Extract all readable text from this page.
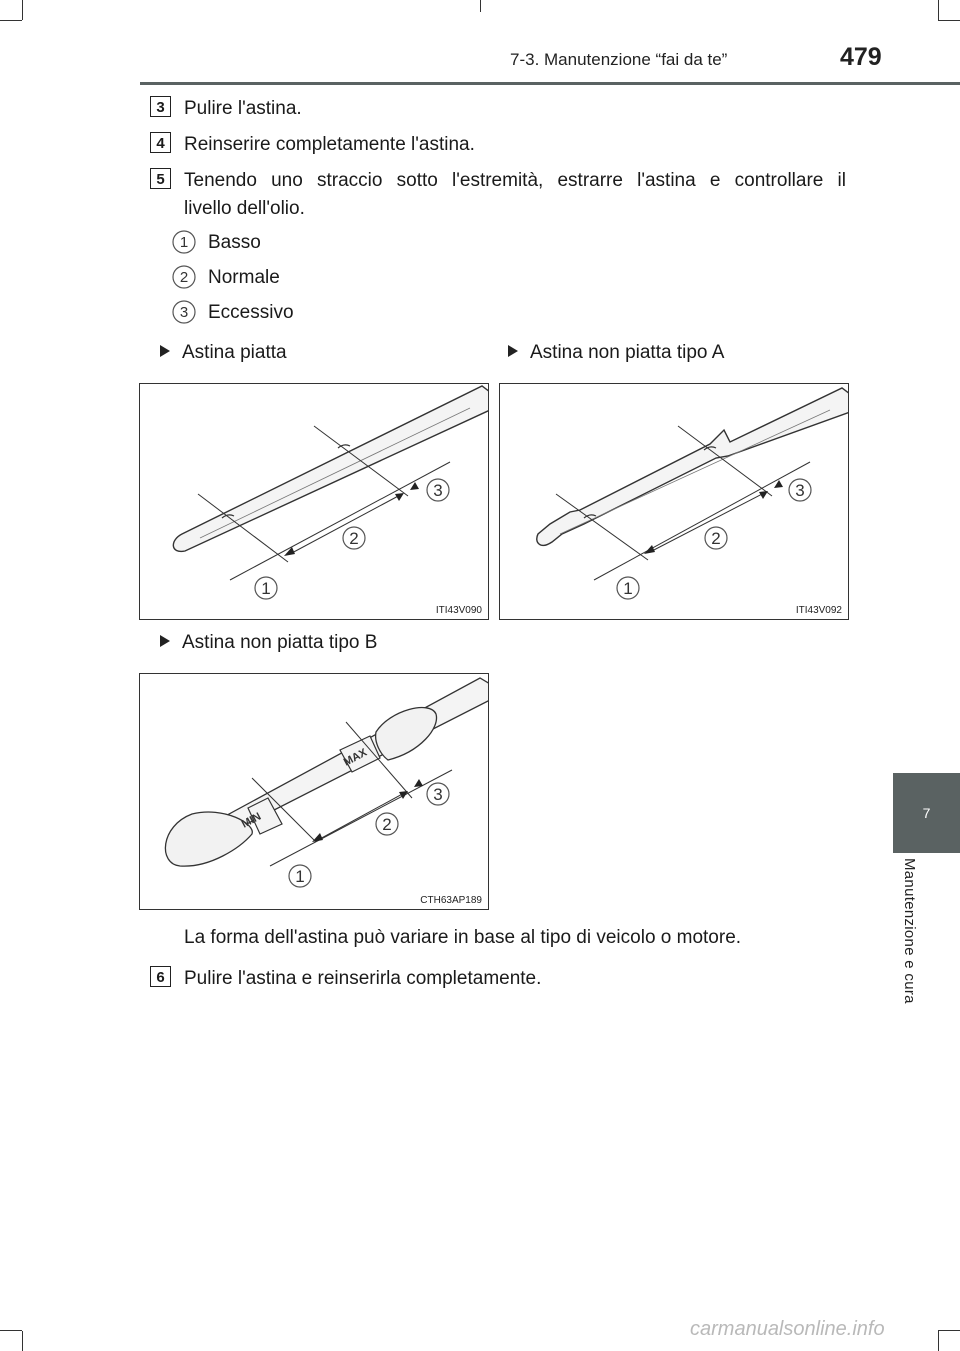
7-3. Manutenzione “fai da te”	479
7
Manutenzione e cura
3	Pulire l'astina.
4	Reinserire completamente l'astina.
5	Tenendo uno straccio sotto l'estremità, estrarre l'astina e controllare il
livello dell'olio.
1 Basso
2 Normale
3 Eccessivo
Astina piatta	Astina non piatta tipo A
1
2
3
ITI43V090
1
2
3
ITI43V092
Astina non piatta tipo B
MIN
MAX
1
2
3
CTH63AP189
La forma dell'astina può variare in base al tipo di veicolo o motore.
6	Pulire l'astina e reinserirla completamente.
carmanualsonline.info
